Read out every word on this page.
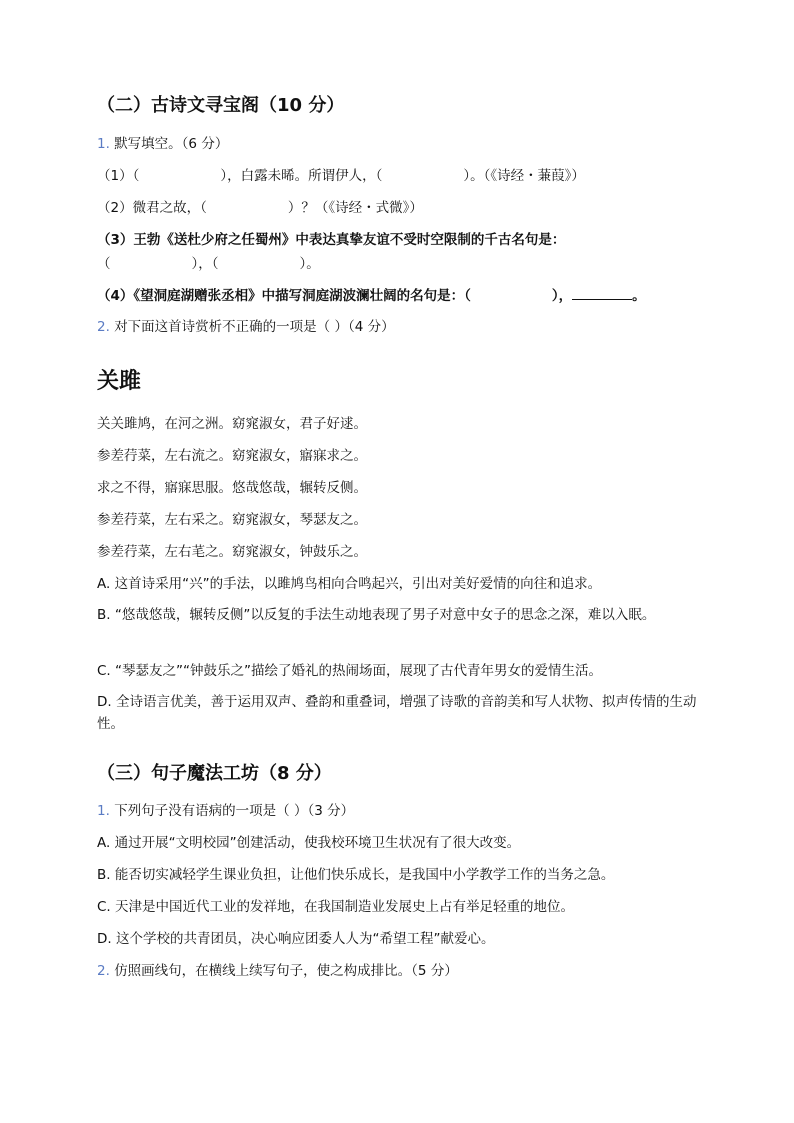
（二）古诗文寻宝阁（10 分）
1. 默写填空。（6 分）
（1）（　　　　　　），白露未晞。所谓伊人，（　　　　　　）。（《诗经・蒹葭》）
（2）微君之故，（　　　　　　）？（《诗经・式微》）
（3）王勃《送杜少府之任蜀州》中表达真挚友谊不受时空限制的千古名句是：
（　　　　　　），（　　　　　　）。
（4）《望洞庭湖赠张丞相》中描写洞庭湖波澜壮阔的名句是：（　　　　　　），	。
2. 对下面这首诗赏析不正确的一项是（ ）（4 分）
关雎
关关雎鸠，在河之洲。窈窕淑女，君子好逑。
参差荇菜，左右流之。窈窕淑女，寤寐求之。
求之不得，寤寐思服。悠哉悠哉，辗转反侧。
参差荇菜，左右采之。窈窕淑女，琴瑟友之。
参差荇菜，左右芼之。窈窕淑女，钟鼓乐之。
A. 这首诗采用“兴”的手法，以雎鸠鸟相向合鸣起兴，引出对美好爱情的向往和追求。
B. “悠哉悠哉，辗转反侧”以反复的手法生动地表现了男子对意中女子的思念之深，难以入眠。
C. “琴瑟友之”“钟鼓乐之”描绘了婚礼的热闹场面，展现了古代青年男女的爱情生活。
D. 全诗语言优美，善于运用双声、叠韵和重叠词，增强了诗歌的音韵美和写人状物、拟声传情的生动性。
（三）句子魔法工坊（8 分）
1. 下列句子没有语病的一项是（ ）（3 分）
A. 通过开展“文明校园”创建活动，使我校环境卫生状况有了很大改变。
B. 能否切实减轻学生课业负担，让他们快乐成长，是我国中小学教学工作的当务之急。
C. 天津是中国近代工业的发祥地，在我国制造业发展史上占有举足轻重的地位。
D. 这个学校的共青团员，决心响应团委人人为“希望工程”献爱心。
2. 仿照画线句，在横线上续写句子，使之构成排比。（5 分）
